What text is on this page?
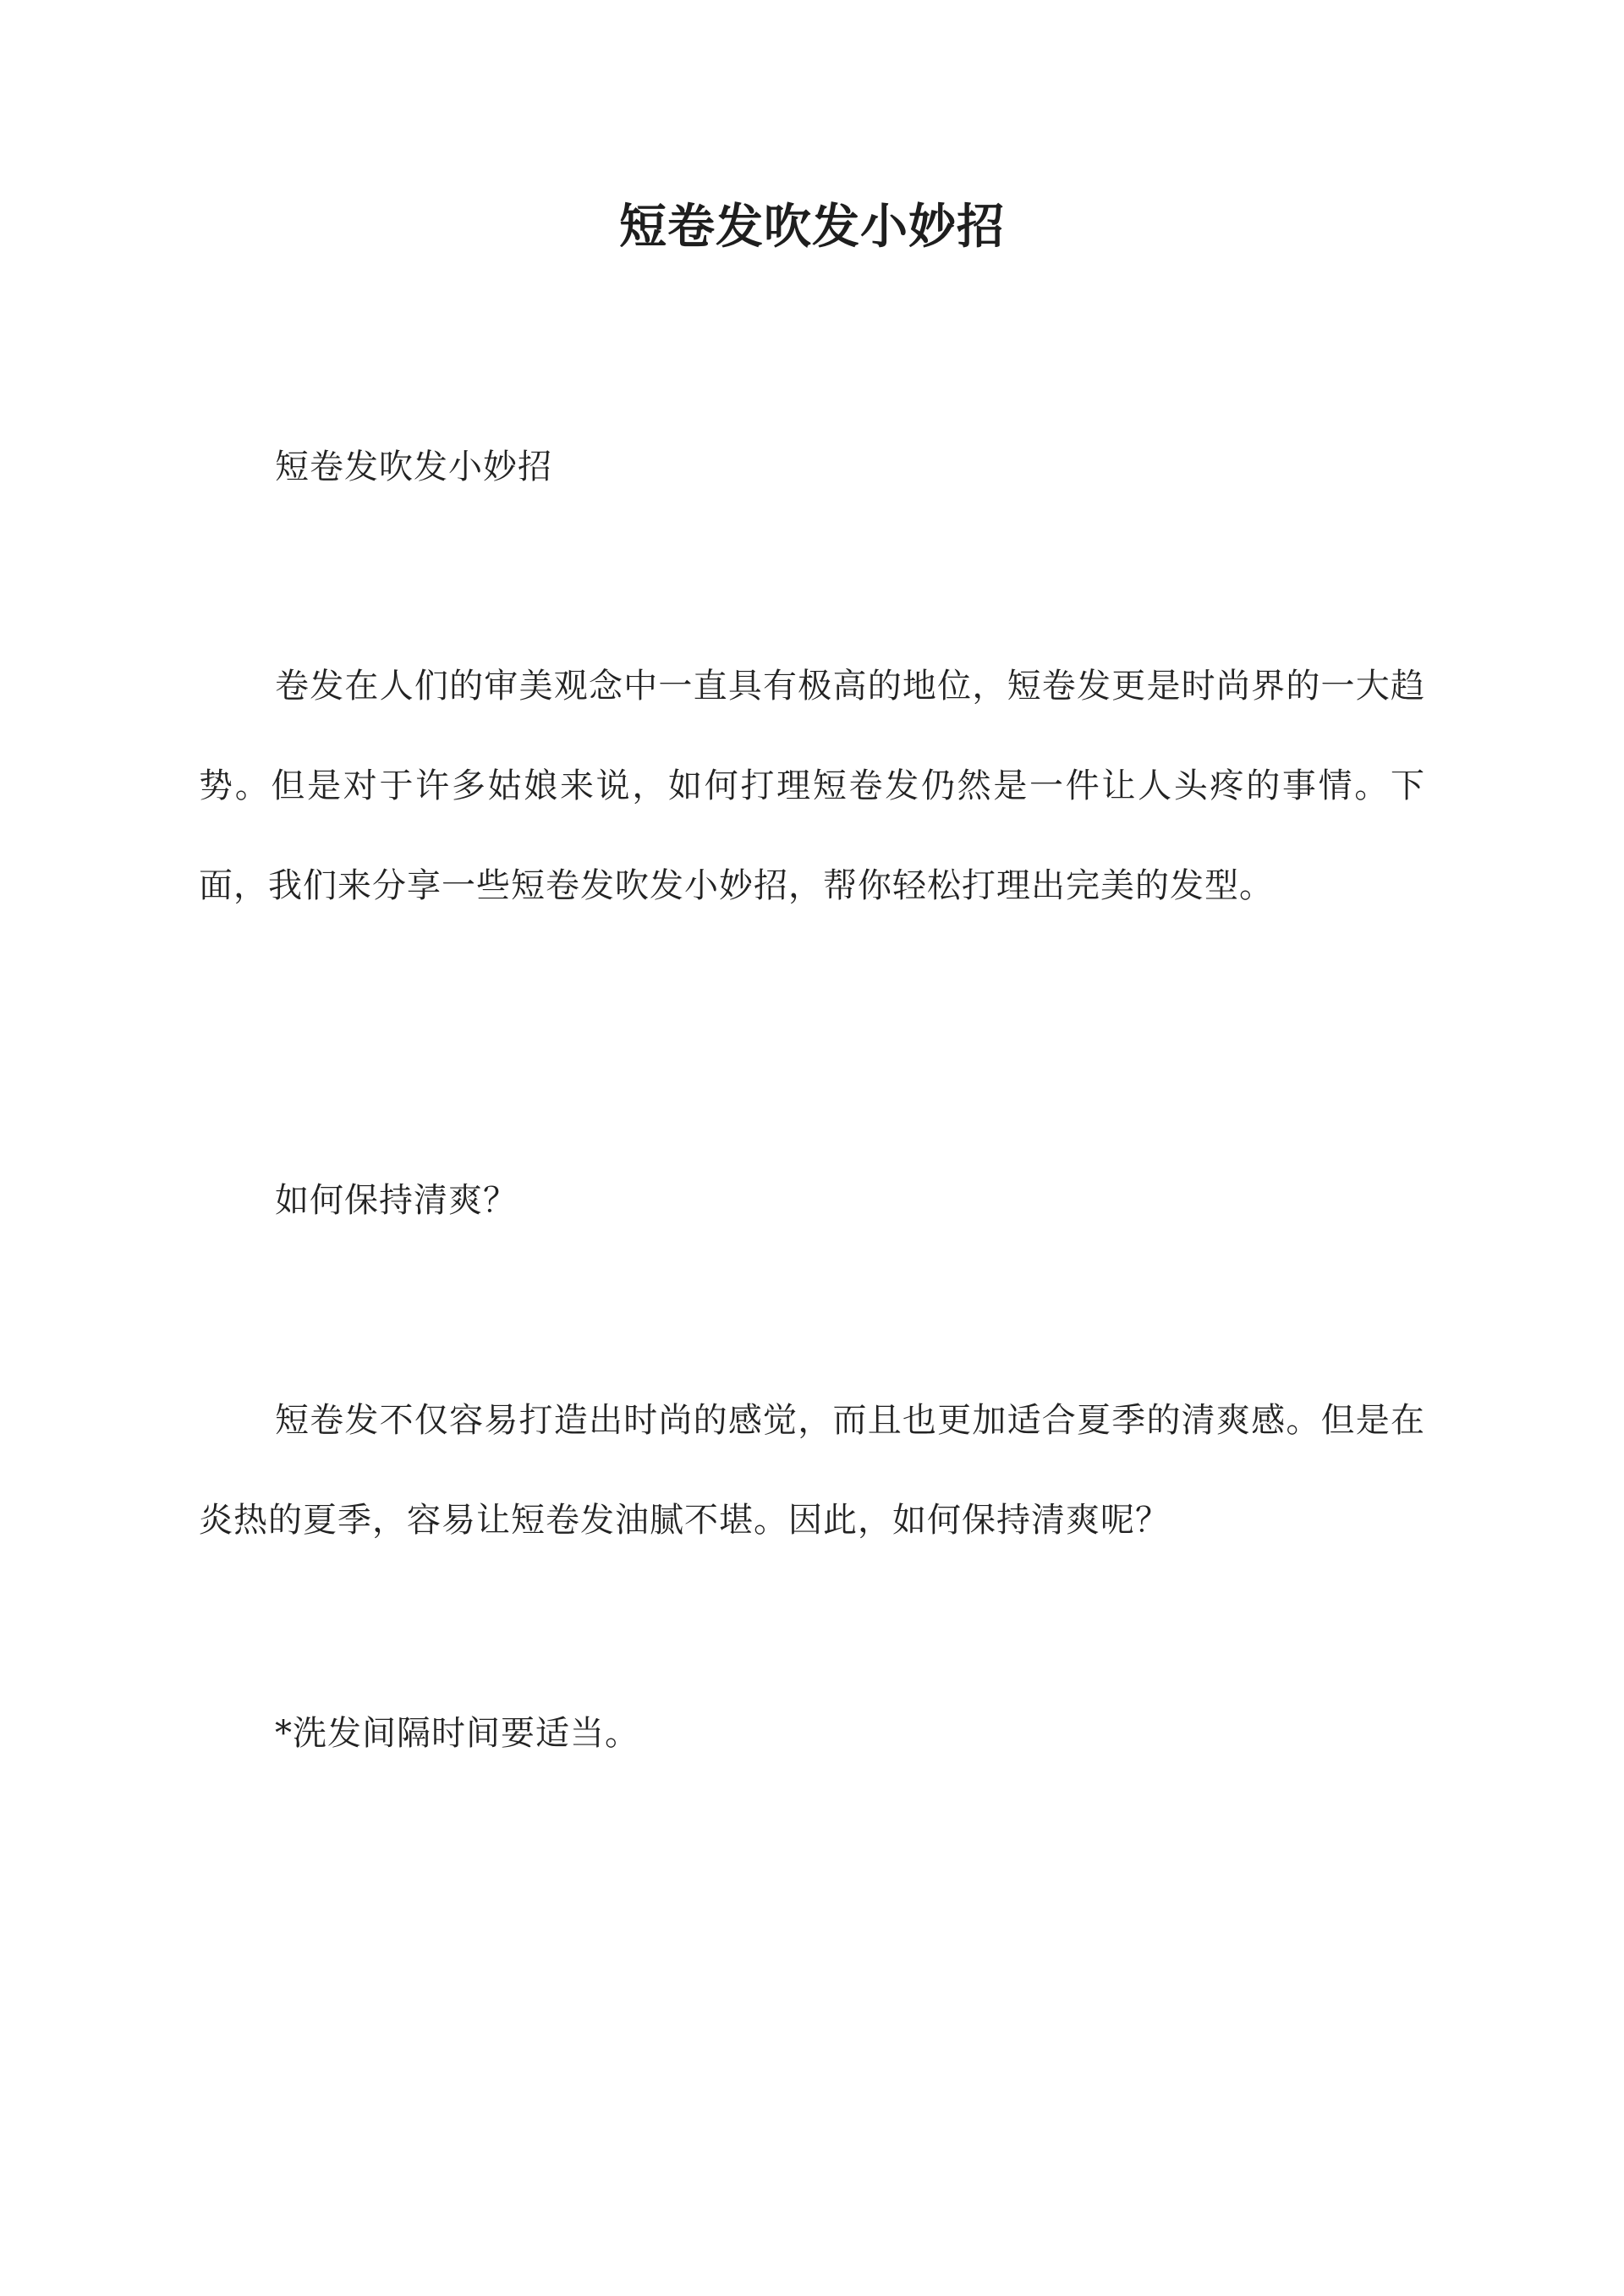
短卷发吹发小妙招

短卷发吹发小妙招

卷发在人们的审美观念中一直具有极高的地位，短卷发更是时尚界的一大趋势。但是对于许多姑娘来说，如何打理短卷发仍然是一件让人头疼的事情。下面，我们来分享一些短卷发吹发小妙招，帮你轻松打理出完美的发型。

如何保持清爽？

短卷发不仅容易打造出时尚的感觉，而且也更加适合夏季的清爽感。但是在炎热的夏季，容易让短卷发油腻不堪。因此，如何保持清爽呢？

*洗发间隔时间要适当。
